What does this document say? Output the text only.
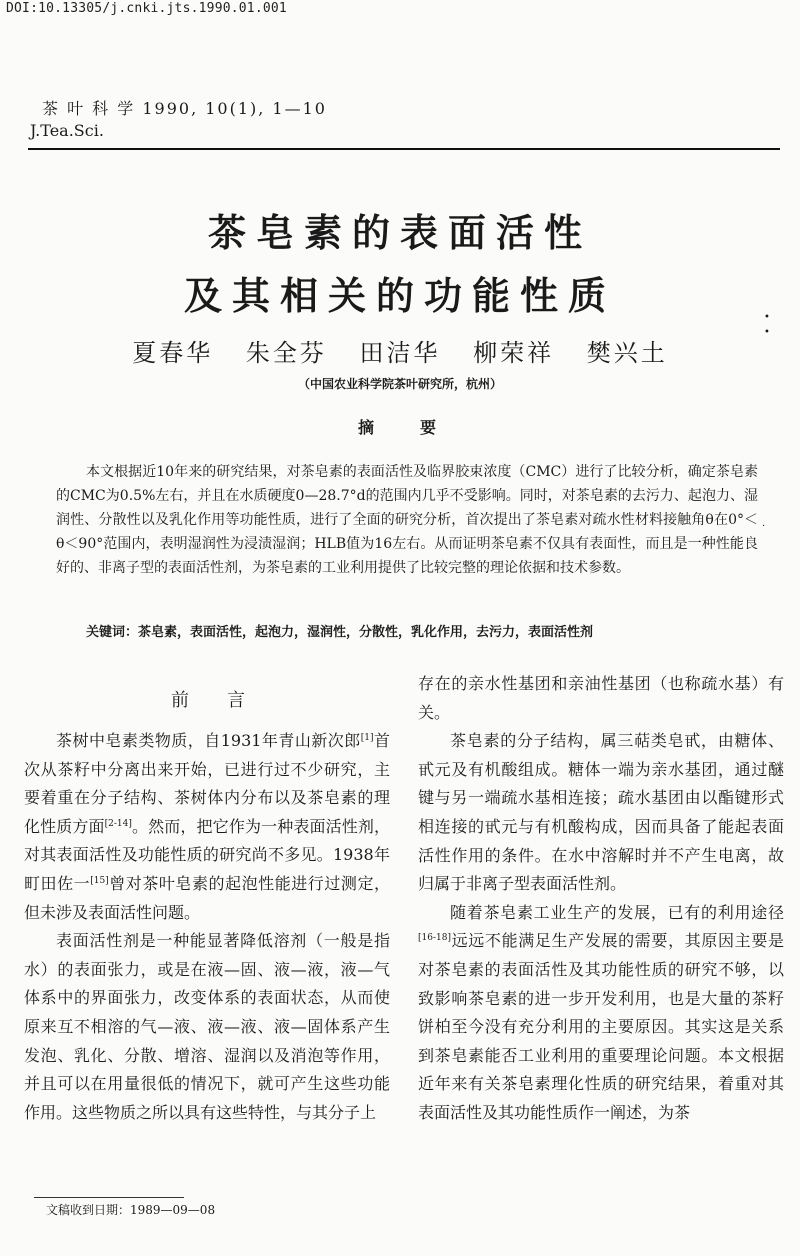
DOI:10.13305/j.cnki.jts.1990.01.001
茶 叶 科 学 1990, 10(1), 1—10
J.Tea.Sci.
茶皂素的表面活性
及其相关的功能性质
夏春华 朱全芬 田洁华 柳荣祥 樊兴土
（中国农业科学院茶叶研究所，杭州）
摘要
本文根据近10年来的研究结果，对茶皂素的表面活性及临界胶束浓度（CMC）进行了比较分析，确定茶皂素的CMC为0.5%左右，并且在水质硬度0—28.7°d的范围内几乎不受影响。同时，对茶皂素的去污力、起泡力、湿润性、分散性以及乳化作用等功能性质，进行了全面的研究分析，首次提出了茶皂素对疏水性材料接触角θ在0°＜θ＜90°范围内，表明湿润性为浸渍湿润；HLB值为16左右。从而证明茶皂素不仅具有表面性，而且是一种性能良好的、非离子型的表面活性剂，为茶皂素的工业利用提供了比较完整的理论依据和技术参数。
关键词：茶皂素，表面活性，起泡力，湿润性，分散性，乳化作用，去污力，表面活性剂
前言

茶树中皂素类物质，自1931年青山新次郎[1]首次从茶籽中分离出来开始，已进行过不少研究，主要着重在分子结构、茶树体内分布以及茶皂素的理化性质方面[2-14]。然而，把它作为一种表面活性剂，对其表面活性及功能性质的研究尚不多见。1938年町田佐一[15]曾对茶叶皂素的起泡性能进行过测定，但未涉及表面活性问题。

表面活性剂是一种能显著降低溶剂（一般是指水）的表面张力，或是在液—固、液—液，液—气体系中的界面张力，改变体系的表面状态，从而使原来互不相溶的气—液、液—液、液—固体系产生发泡、乳化、分散、增溶、湿润以及消泡等作用，并且可以在用量很低的情况下，就可产生这些功能作用。这些物质之所以具有这些特性，与其分子上

存在的亲水性基团和亲油性基团（也称疏水基）有关。

茶皂素的分子结构，属三萜类皂甙，由糖体、甙元及有机酸组成。糖体一端为亲水基团，通过醚键与另一端疏水基相连接；疏水基团由以酯键形式相连接的甙元与有机酸构成，因而具备了能起表面活性作用的条件。在水中溶解时并不产生电离，故归属于非离子型表面活性剂。

随着茶皂素工业生产的发展，已有的利用途径[16-18]远远不能满足生产发展的需要，其原因主要是对茶皂素的表面活性及其功能性质的研究不够，以致影响茶皂素的进一步开发利用，也是大量的茶籽饼柏至今没有充分利用的主要原因。其实这是关系到茶皂素能否工业利用的重要理论问题。本文根据近年来有关茶皂素理化性质的研究结果，着重对其表面活性及其功能性质作一阐述，为茶

文稿收到日期：1989—09—08
•
•
·
